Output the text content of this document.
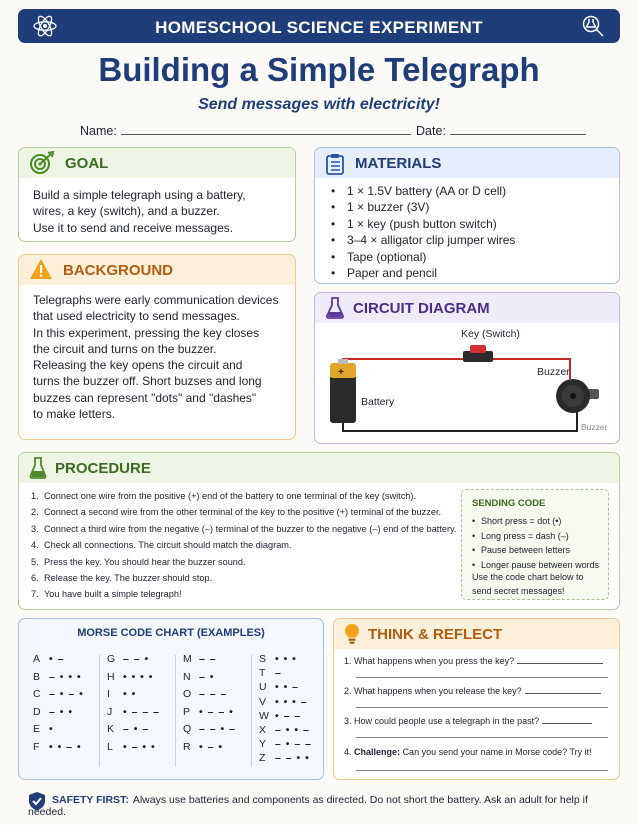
HOMESCHOOL SCIENCE EXPERIMENT
Building a Simple Telegraph
Send messages with electricity!
Name:	Date:
GOAL
Build a simple telegraph using a battery,
wires, a key (switch), and a buzzer.
Use it to send and receive messages.
MATERIALS
• 1 × 1.5V battery (AA or D cell)
• 1 × buzzer (3V)
• 1 × key (push button switch)
• 3–4 × alligator clip jumper wires
• Tape (optional)
• Paper and pencil
BACKGROUND
Telegraphs were early communication devices
that used electricity to send messages.
In this experiment, pressing the key closes
the circuit and turns on the buzzer.
Releasing the key opens the circuit and
turns the buzzer off. Short buzses and long
buzzes can represent "dots" and "dashes"
to make letters.
CIRCUIT DIAGRAM
Key (Switch)
+
Battery
Buzzer
Buzzer
PROCEDURE
1. Connect one wire from the positive (+) end of the battery to one terminal of the key (switch).
2. Connect a second wire from the other terminal of the key to the positive (+) terminal of the buzzer.
3. Connect a third wire from the negative (–) terminal of the buzzer to the negative (–) end of the battery.
4. Check all connections. The circuit should match the diagram.
5. Press the key. You should hear the buzzer sound.
6. Release the key. The buzzer should stop.
7. You have built a simple telegraph!
SENDING CODE
• Short press = dot (•)
• Long press = dash (–)
• Pause between letters
• Longer pause between words
Use the code chart below to send secret messages!
MORSE CODE CHART (EXAMPLES)
A • –
B – • • •
C – • – •
D – • •
E •
F • • – •
G – – •
H • • • •
I	• •
J	• – – –
K – • –
L • – • •
M – –
N – •
O – – –
P • – – •
Q – – • –
R • – •
S • • •
T –
U • • –
V • • • –
W • – –
X – • • –
Y – • – –
Z – – • •
THINK & REFLECT
1. What happens when you press the key?
2. What happens when you release the key?
3. How could people use a telegraph in the past?
4. Challenge: Can you send your name in Morse code? Try it!
SAFETY FIRST: Always use batteries and components as directed. Do not short the battery. Ask an adult for help if needed.
